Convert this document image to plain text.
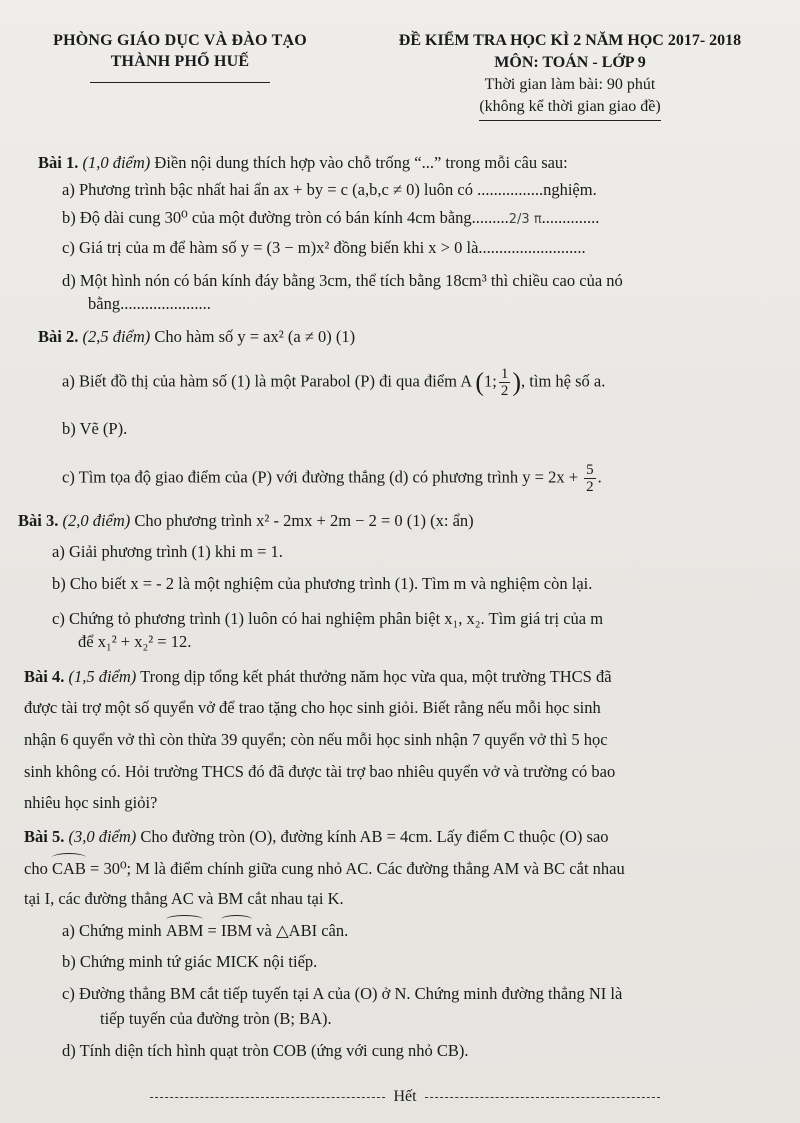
PHÒNG GIÁO DỤC VÀ ĐÀO TẠO
THÀNH PHỐ HUẾ
ĐỀ KIỂM TRA HỌC KÌ 2 NĂM HỌC 2017- 2018
MÔN: TOÁN - LỚP 9
Thời gian làm bài: 90 phút
(không kể thời gian giao đề)
Bài 1. (1,0 điểm) Điền nội dung thích hợp vào chỗ trống “...” trong mỗi câu sau:
a) Phương trình bậc nhất hai ẩn ax + by = c (a,b,c ≠ 0) luôn có ................nghiệm.
b) Độ dài cung 30⁰ của một đường tròn có bán kính 4cm bằng.........2/3 π..............
c) Giá trị của m để hàm số y = (3 − m)x² đồng biến khi x > 0 là..........................
d) Một hình nón có bán kính đáy bằng 3cm, thể tích bằng 18cm³ thì chiều cao của nó
bằng......................
Bài 2. (2,5 điểm) Cho hàm số y = ax² (a ≠ 0) (1)
a) Biết đồ thị của hàm số (1) là một Parabol (P) đi qua điểm A (1; $\frac{1}{2}$ ), tìm hệ số a.
b) Vẽ (P).
c) Tìm tọa độ giao điểm của (P) với đường thẳng (d) có phương trình $y = 2x + \frac{5}{2}$ .
Bài 3. (2,0 điểm) Cho phương trình x² - 2mx + 2m − 2 = 0 (1) (x: ẩn)
a) Giải phương trình (1) khi m = 1.
b) Cho biết x = - 2 là một nghiệm của phương trình (1). Tìm m và nghiệm còn lại.
c) Chứng tỏ phương trình (1) luôn có hai nghiệm phân biệt x₁, x₂. Tìm giá trị của m
để x₁² + x₂² = 12.
Bài 4. (1,5 điểm) Trong dịp tổng kết phát thưởng năm học vừa qua, một trường THCS đã
được tài trợ một số quyển vở để trao tặng cho học sinh giỏi. Biết rằng nếu mỗi học sinh
nhận 6 quyển vở thì còn thừa 39 quyển; còn nếu mỗi học sinh nhận 7 quyển vở thì 5 học
sinh không có. Hỏi trường THCS đó đã được tài trợ bao nhiêu quyển vở và trường có bao
nhiêu học sinh giỏi?
Bài 5. (3,0 điểm) Cho đường tròn (O), đường kính AB = 4cm. Lấy điểm C thuộc (O) sao
cho CAB = 30⁰; M là điểm chính giữa cung nhỏ AC. Các đường thẳng AM và BC cắt nhau
tại I, các đường thẳng AC và BM cắt nhau tại K.
a) Chứng minh ABM = IBM và △ABI cân.
b) Chứng minh tứ giác MICK nội tiếp.
c) Đường thẳng BM cắt tiếp tuyến tại A của (O) ở N. Chứng minh đường thẳng NI là
tiếp tuyến của đường tròn (B; BA).
d) Tính diện tích hình quạt tròn COB (ứng với cung nhỏ CB).
Hết
